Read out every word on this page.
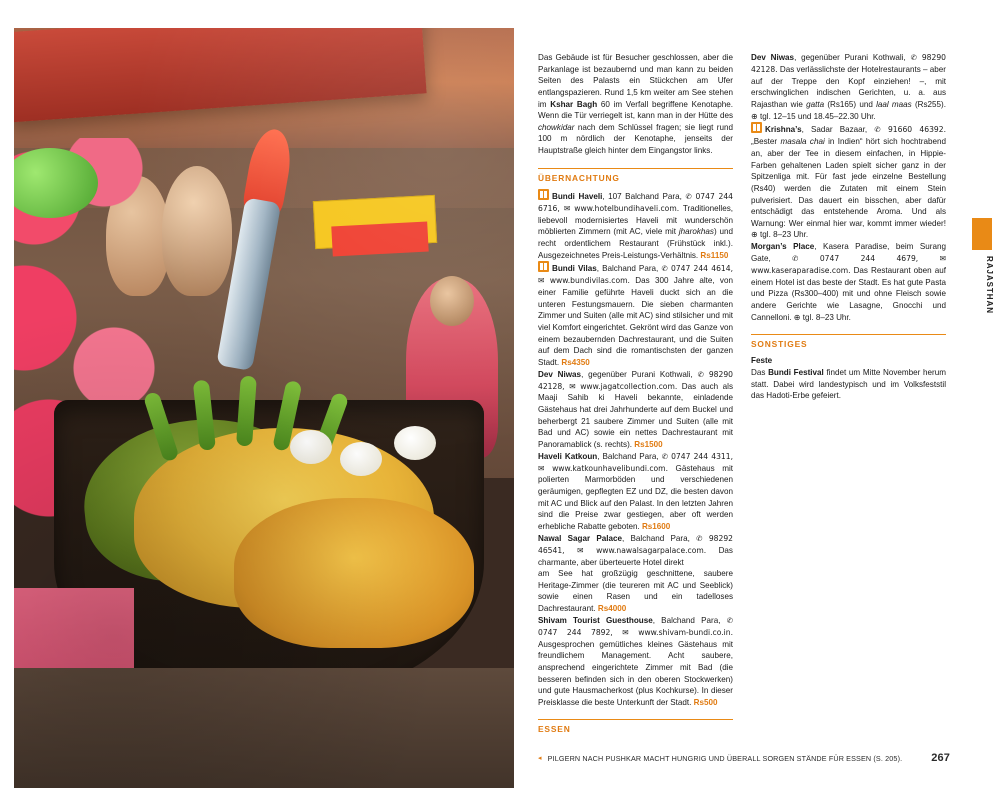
RAJASTHAN

Das Gebäude ist für Besucher geschlossen, aber die Parkanlage ist bezaubernd und man kann zu beiden Seiten des Palasts ein Stückchen am Ufer entlangspazieren. Rund 1,5 km weiter am See stehen im Kshar Bagh 60 im Verfall begriffene Kenotaphe. Wenn die Tür verriegelt ist, kann man in der Hütte des chowkidar nach dem Schlüssel fragen; sie liegt rund 100 m nördlich der Kenotaphe, jenseits der Hauptstraße gleich hinter dem Eingangstor links.

ÜBERNACHTUNG

Bundi Haveli, 107 Balchand Para, ✆ 0747 244 6716, ✉ www.hotelbundihaveli.com. Traditionelles, liebevoll modernisiertes Haveli mit wunderschön möblierten Zimmern (mit AC, viele mit jharokhas) und recht ordentlichem Restaurant (Frühstück inkl.). Ausgezeichnetes Preis-Leistungs-Verhältnis. Rs1150

Bundi Vilas, Balchand Para, ✆ 0747 244 4614, ✉ www.bundivilas.com. Das 300 Jahre alte, von einer Familie geführte Haveli duckt sich an die unteren Festungsmauern. Die sieben charmanten Zimmer und Suiten (alle mit AC) sind stilsicher und mit viel Komfort eingerichtet. Gekrönt wird das Ganze von einem bezaubernden Dachrestaurant, und die Suiten auf dem Dach sind die romantischsten der ganzen Stadt. Rs4350

Dev Niwas, gegenüber Purani Kothwali, ✆ 98290 42128, ✉ www.jagatcollection.com. Das auch als Maaji Sahib ki Haveli bekannte, einladende Gästehaus hat drei Jahrhunderte auf dem Buckel und beherbergt 21 saubere Zimmer und Suiten (alle mit Bad und AC) sowie ein nettes Dachrestaurant mit Panoramablick (s. rechts). Rs1500

Haveli Katkoun, Balchand Para, ✆ 0747 244 4311, ✉ www.katkounhavelibundi.com. Gästehaus mit polierten Marmorböden und verschiedenen geräumigen, gepflegten EZ und DZ, die besten davon mit AC und Blick auf den Palast. In den letzten Jahren sind die Preise zwar gestiegen, aber oft werden erhebliche Rabatte geboten. Rs1600

Nawal Sagar Palace, Balchand Para, ✆ 98292 46541, ✉ www.nawalsagarpalace.com. Das charmante, aber überteuerte Hotel direkt

am See hat großzügig geschnittene, saubere Heritage-Zimmer (die teureren mit AC und Seeblick) sowie einen Rasen und ein tadelloses Dachrestaurant. Rs4000

Shivam Tourist Guesthouse, Balchand Para, ✆ 0747 244 7892, ✉ www.shivam-bundi.co.in. Ausgesprochen gemütliches kleines Gästehaus mit freundlichem Management. Acht saubere, ansprechend eingerichtete Zimmer mit Bad (die besseren befinden sich in den oberen Stockwerken) und gute Hausmacherkost (plus Kochkurse). In dieser Preisklasse die beste Unterkunft der Stadt. Rs500

ESSEN

Dev Niwas, gegenüber Purani Kothwali, ✆ 98290 42128. Das verlässlichste der Hotelrestaurants – aber auf der Treppe den Kopf einziehen! –, mit erschwinglichen indischen Gerichten, u. a. aus Rajasthan wie gatta (Rs165) und laal maas (Rs255). ⊕ tgl. 12–15 und 18.45–22.30 Uhr.

Krishna’s, Sadar Bazaar, ✆ 91660 46392. „Bester masala chai in Indien“ hört sich hochtrabend an, aber der Tee in diesem einfachen, in Hippie-Farben gehaltenen Laden spielt sicher ganz in der Spitzenliga mit. Für fast jede einzelne Bestellung (Rs40) werden die Zutaten mit einem Stein pulverisiert. Das dauert ein bisschen, aber dafür entschädigt das entstehende Aroma. Und als Warnung: Wer einmal hier war, kommt immer wieder! ⊕ tgl. 8–23 Uhr.

Morgan’s Place, Kasera Paradise, beim Surang Gate, ✆ 0747 244 4679, ✉ www.kaseraparadise.com. Das Restaurant oben auf einem Hotel ist das beste der Stadt. Es hat gute Pasta und Pizza (Rs300–400) mit und ohne Fleisch sowie andere Gerichte wie Lasagne, Gnocchi und Cannelloni. ⊕ tgl. 8–23 Uhr.

SONSTIGES

Feste

Das Bundi Festival findet um Mitte November herum statt. Dabei wird landestypisch und im Volksfeststil das Hadoti-Erbe gefeiert.

◂ PILGERN NACH PUSHKAR MACHT HUNGRIG UND ÜBERALL SORGEN STÄNDE FÜR ESSEN (S. 205).	267
